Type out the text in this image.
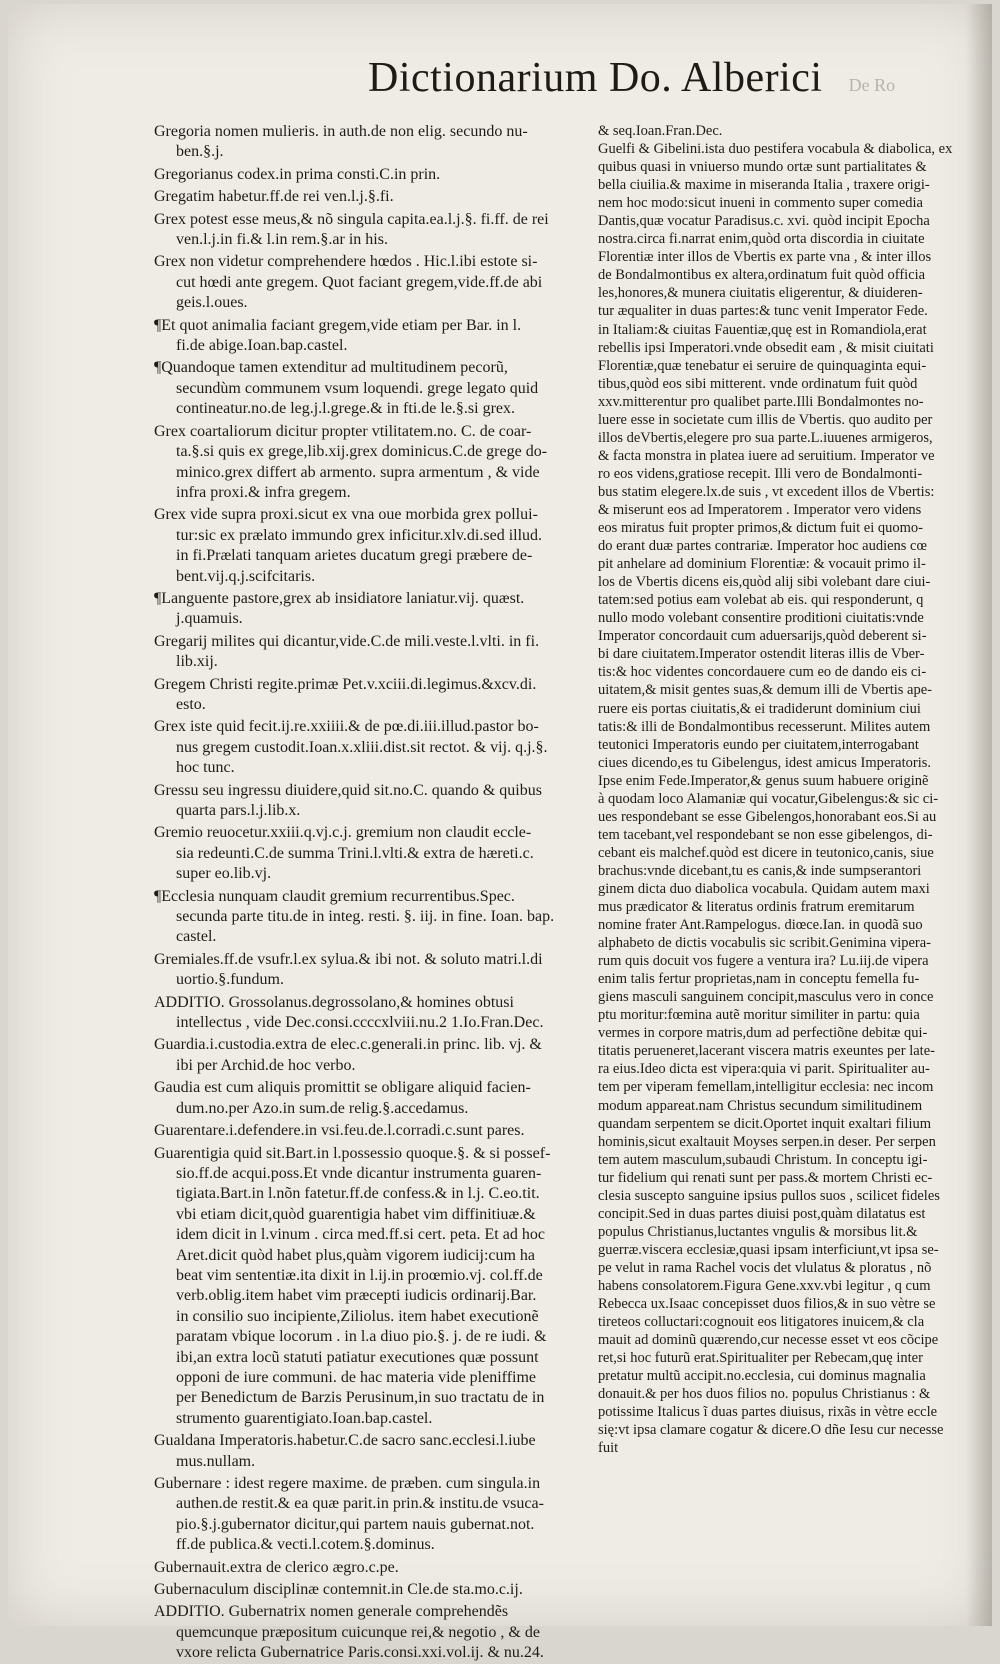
Dictionarium Do. Alberici De Ro
Gregoria nomen mulieris. in auth.de non elig. secundo nu-
ben.§.j.
Gregorianus codex.in prima consti.C.in prin.
Gregatim habetur.ff.de rei ven.l.j.§.fi.
Grex potest esse meus,& nõ singula capita.ea.l.j.§. fi.ff. de rei
ven.l.j.in fi.& l.in rem.§.ar in his.
Grex non videtur comprehendere hœdos . Hic.l.ibi estote si-
cut hœdi ante gregem. Quot faciant gregem,vide.ff.de abi
geis.l.oues.
¶Et quot animalia faciant gregem,vide etiam per Bar. in l.
fi.de abige.Ioan.bap.castel.
¶Quandoque tamen extenditur ad multitudinem pecorũ,
secundùm communem vsum loquendi. grege legato quid
contineatur.no.de leg.j.l.grege.& in fti.de le.§.si grex.
Grex coartaliorum dicitur propter vtilitatem.no. C. de coar-
ta.§.si quis ex grege,lib.xij.grex dominicus.C.de grege do-
minico.grex differt ab armento. supra armentum , & vide
infra proxi.& infra gregem.
Grex vide supra proxi.sicut ex vna oue morbida grex pollui-
tur:sic ex prælato immundo grex inficitur.xlv.di.sed illud.
in fi.Prælati tanquam arietes ducatum gregi præbere de-
bent.vij.q.j.scifcitaris.
¶Languente pastore,grex ab insidiatore laniatur.vij. quæst.
j.quamuis.
Gregarij milites qui dicantur,vide.C.de mili.veste.l.vlti. in fi.
lib.xij.
Gregem Christi regite.primæ Pet.v.xciii.di.legimus.&xcv.di.
esto.
Grex iste quid fecit.ij.re.xxiiii.& de pœ.di.iii.illud.pastor bo-
nus gregem custodit.Ioan.x.xliii.dist.sit rectot. & vij. q.j.§.
hoc tunc.
Gressu seu ingressu diuidere,quid sit.no.C. quando & quibus
quarta pars.l.j.lib.x.
Gremio reuocetur.xxiii.q.vj.c.j. gremium non claudit eccle-
sia redeunti.C.de summa Trini.l.vlti.& extra de hæreti.c.
super eo.lib.vj.
¶Ecclesia nunquam claudit gremium recurrentibus.Spec.
secunda parte titu.de in integ. resti. §. iij. in fine. Ioan. bap.
castel.
Gremiales.ff.de vsufr.l.ex sylua.& ibi not. & soluto matri.l.di
uortio.§.fundum.
ADDITIO. Grossolanus.degrossolano,& homines obtusi
intellectus , vide Dec.consi.ccccxlviii.nu.2 1.Io.Fran.Dec.
Guardia.i.custodia.extra de elec.c.generali.in princ. lib. vj. &
ibi per Archid.de hoc verbo.
Gaudia est cum aliquis promittit se obligare aliquid facien-
dum.no.per Azo.in sum.de relig.§.accedamus.
Guarentare.i.defendere.in vsi.feu.de.l.corradi.c.sunt pares.
Guarentigia quid sit.Bart.in l.possessio quoque.§. & si possef-
sio.ff.de acqui.poss.Et vnde dicantur instrumenta guaren-
tigiata.Bart.in l.nõn fatetur.ff.de confess.& in l.j. C.eo.tit.
vbi etiam dicit,quòd guarentigia habet vim diffinitiuæ.&
idem dicit in l.vinum . circa med.ff.si cert. peta. Et ad hoc
Aret.dicit quòd habet plus,quàm vigorem iudicij:cum ha
beat vim sententiæ.ita dixit in l.ij.in proœmio.vj. col.ff.de
verb.oblig.item habet vim præcepti iudicis ordinarij.Bar.
in consilio suo incipiente,Ziliolus. item habet executionẽ
paratam vbique locorum . in l.a diuo pio.§. j. de re iudi. &
ibi,an extra locũ statuti patiatur executiones quæ possunt
opponi de iure communi. de hac materia vide pleniffime
per Benedictum de Barzis Perusinum,in suo tractatu de in
strumento guarentigiato.Ioan.bap.castel.
Gualdana Imperatoris.habetur.C.de sacro sanc.ecclesi.l.iube
mus.nullam.
Gubernare : idest regere maxime. de præben. cum singula.in
authen.de restit.& ea quæ parit.in prin.& institu.de vsuca-
pio.§.j.gubernator dicitur,qui partem nauis gubernat.not.
ff.de publica.& vecti.l.cotem.§.dominus.
Gubernauit.extra de clerico ægro.c.pe.
Gubernaculum disciplinæ contemnit.in Cle.de sta.mo.c.ij.
ADDITIO. Gubernatrix nomen generale comprehendẽs
quemcunque præpositum cuicunque rei,& negotio , & de
vxore relicta Gubernatrice Paris.consi.xxi.vol.ij. & nu.24.
& seq.Ioan.Fran.Dec.
Guelfi & Gibelini.ista duo pestifera vocabula & diabolica, ex
quibus quasi in vniuerso mundo ortæ sunt partialitates &
bella ciuilia.& maxime in miseranda Italia , traxere origi-
nem hoc modo:sicut inueni in commento super comedia
Dantis,quæ vocatur Paradisus.c. xvi. quòd incipit Epocha
nostra.circa fi.narrat enim,quòd orta discordia in ciuitate
Florentiæ inter illos de Vbertis ex parte vna , & inter illos
de Bondalmontibus ex altera,ordinatum fuit quòd officia
les,honores,& munera ciuitatis eligerentur, & diuideren-
tur æqualiter in duas partes:& tunc venit Imperator Fede.
in Italiam:& ciuitas Fauentiæ,quę est in Romandiola,erat
rebellis ipsi Imperatori.vnde obsedit eam , & misit ciuitati
Florentiæ,quæ tenebatur ei seruire de quinquaginta equi-
tibus,quòd eos sibi mitterent. vnde ordinatum fuit quòd
xxv.mitterentur pro qualibet parte.Illi Bondalmontes no-
luere esse in societate cum illis de Vbertis. quo audito per
illos deVbertis,elegere pro sua parte.L.iuuenes armigeros,
& facta monstra in platea iuere ad seruitium. Imperator ve
ro eos videns,gratiose recepit. Illi vero de Bondalmonti-
bus statim elegere.lx.de suis , vt excedent illos de Vbertis:
& miserunt eos ad Imperatorem . Imperator vero videns
eos miratus fuit propter primos,& dictum fuit ei quomo-
do erant duæ partes contrariæ. Imperator hoc audiens cœ
pit anhelare ad dominium Florentiæ: & vocauit primo il-
los de Vbertis dicens eis,quòd alij sibi volebant dare ciui-
tatem:sed potius eam volebat ab eis. qui responderunt, q
nullo modo volebant consentire proditioni ciuitatis:vnde
Imperator concordauit cum aduersarijs,quòd deberent si-
bi dare ciuitatem.Imperator ostendit literas illis de Vber-
tis:& hoc videntes concordauere cum eo de dando eis ci-
uitatem,& misit gentes suas,& demum illi de Vbertis ape-
ruere eis portas ciuitatis,& ei tradiderunt dominium ciui
tatis:& illi de Bondalmontibus recesserunt. Milites autem
teutonici Imperatoris eundo per ciuitatem,interrogabant
ciues dicendo,es tu Gibelengus, idest amicus Imperatoris.
Ipse enim Fede.Imperator,& genus suum habuere originẽ
à quodam loco Alamaniæ qui vocatur,Gibelengus:& sic ci-
ues respondebant se esse Gibelengos,honorabant eos.Si au
tem tacebant,vel respondebant se non esse gibelengos, di-
cebant eis malchef.quòd est dicere in teutonico,canis, siue
brachus:vnde dicebant,tu es canis,& inde sumpserantori
ginem dicta duo diabolica vocabula. Quidam autem maxi
mus prædicator & literatus ordinis fratrum eremitarum
nomine frater Ant.Rampelogus. diœce.Ian. in quodã suo
alphabeto de dictis vocabulis sic scribit.Genimina vipera-
rum quis docuit vos fugere a ventura ira? Lu.iij.de vipera
enim talis fertur proprietas,nam in conceptu femella fu-
giens masculi sanguinem concipit,masculus vero in conce
ptu moritur:fœmina autẽ moritur similiter in partu: quia
vermes in corpore matris,dum ad perfectiõne debitæ qui-
titatis perueneret,lacerant viscera matris exeuntes per late-
ra eius.Ideo dicta est vipera:quia vi parit. Spiritualiter au-
tem per viperam femellam,intelligitur ecclesia: nec incom
modum appareat.nam Christus secundum similitudinem
quandam serpentem se dicit.Oportet inquit exaltari filium
hominis,sicut exaltauit Moyses serpen.in deser. Per serpen
tem autem masculum,subaudi Christum. In conceptu igi-
tur fidelium qui renati sunt per pass.& mortem Christi ec-
clesia suscepto sanguine ipsius pullos suos , scilicet fideles
concipit.Sed in duas partes diuisi post,quàm dilatatus est
populus Christianus,luctantes vngulis & morsibus lit.&
guerræ.viscera ecclesiæ,quasi ipsam interficiunt,vt ipsa se-
pe velut in rama Rachel vocis det vlulatus & ploratus , nõ
habens consolatorem.Figura Gene.xxv.vbi legitur , q cum
Rebecca ux.Isaac concepisset duos filios,& in suo vètre se
tireteos colluctari:cognouit eos litigatores inuicem,& cla
mauit ad dominũ quærendo,cur necesse esset vt eos cõcipe
ret,si hoc futurũ erat.Spiritualiter per Rebecam,quę inter
pretatur multũ accipit.no.ecclesia, cui dominus magnalia
donauit.& per hos duos filios no. populus Christianus : &
potissime Italicus ĩ duas partes diuisus, rixãs in vètre eccle
się:vt ipsa clamare cogatur & dicere.O dñe Iesu cur necesse
fuit
